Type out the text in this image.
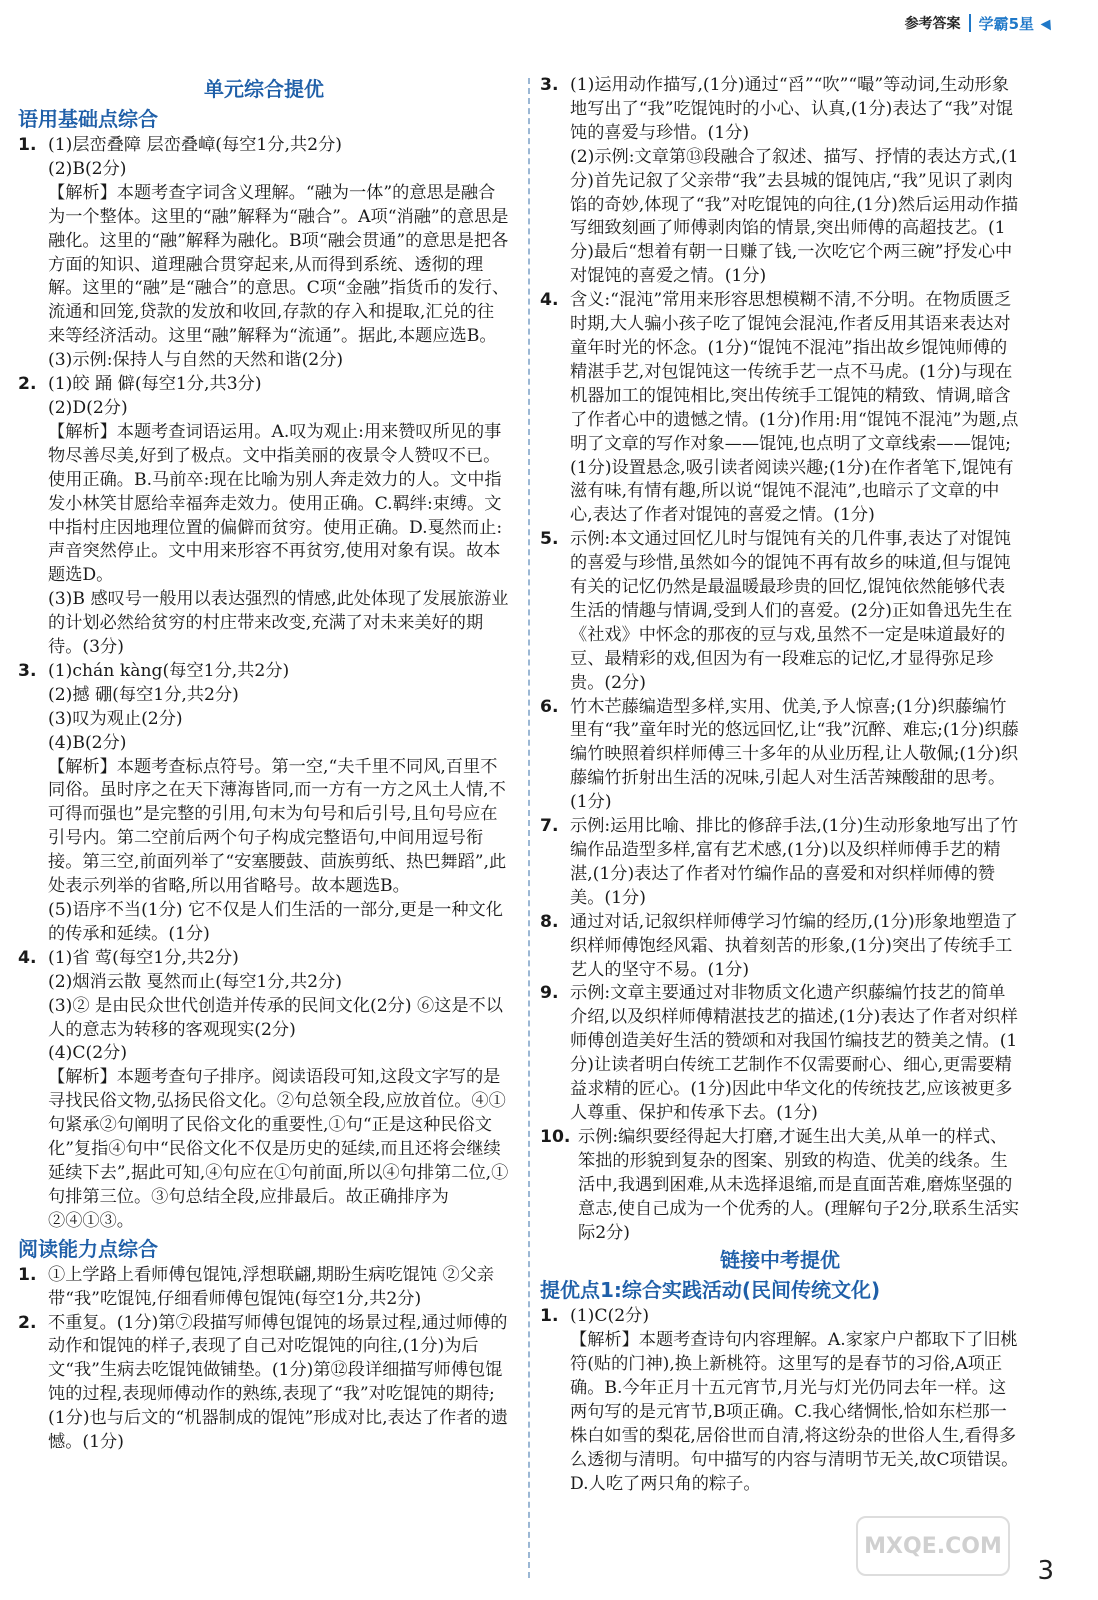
参考答案 学霸5星
单元综合提优
语用基础点综合
1. (1)层峦叠障 层峦叠嶂(每空1分,共2分)

(2)B(2分)

【解析】本题考查字词含义理解。“融为一体”的意思是融合为一个整体。这里的“融”解释为“融合”。A项“消融”的意思是融化。这里的“融”解释为融化。B项“融会贯通”的意思是把各方面的知识、道理融合贯穿起来,从而得到系统、透彻的理解。这里的“融”是“融合”的意思。C项“金融”指货币的发行、流通和回笼,贷款的发放和收回,存款的存入和提取,汇兑的往来等经济活动。这里“融”解释为“流通”。据此,本题应选B。

(3)示例:保持人与自然的天然和谐(2分)

2. (1)皎 踊 僻(每空1分,共3分)

(2)D(2分)

【解析】本题考查词语运用。A.叹为观止:用来赞叹所见的事物尽善尽美,好到了极点。文中指美丽的夜景令人赞叹不已。使用正确。B.马前卒:现在比喻为别人奔走效力的人。文中指发小林笑甘愿给幸福奔走效力。使用正确。C.羁绊:束缚。文中指村庄因地理位置的偏僻而贫穷。使用正确。D.戛然而止:声音突然停止。文中用来形容不再贫穷,使用对象有误。故本题选D。

(3)B 感叹号一般用以表达强烈的情感,此处体现了发展旅游业的计划必然给贫穷的村庄带来改变,充满了对未来美好的期待。(3分)

3. (1)chán kàng(每空1分,共2分)

(2)撼 硼(每空1分,共2分)

(3)叹为观止(2分)

(4)B(2分)

【解析】本题考查标点符号。第一空,“夫千里不同风,百里不同俗。虽时序之在天下薄海皆同,而一方有一方之风土人情,不可得而强也”是完整的引用,句末为句号和后引号,且句号应在引号内。第二空前后两个句子构成完整语句,中间用逗号衔接。第三空,前面列举了“安塞腰鼓、茴族剪纸、热巴舞蹈”,此处表示列举的省略,所以用省略号。故本题选B。

(5)语序不当(1分) 它不仅是人们生活的一部分,更是一种文化的传承和延续。(1分)

4. (1)省 莺(每空1分,共2分)

(2)烟消云散 戛然而止(每空1分,共2分)

(3)② 是由民众世代创造并传承的民间文化(2分) ⑥这是不以人的意志为转移的客观现实(2分)

(4)C(2分)

【解析】本题考查句子排序。阅读语段可知,这段文字写的是寻找民俗文物,弘扬民俗文化。②句总领全段,应放首位。④①句紧承②句阐明了民俗文化的重要性,①句“正是这种民俗文化”复指④句中“民俗文化不仅是历史的延续,而且还将会继续延续下去”,据此可知,④句应在①句前面,所以④句排第二位,①句排第三位。③句总结全段,应排最后。故正确排序为②④①③。

阅读能力点综合
1. ①上学路上看师傅包馄饨,浮想联翩,期盼生病吃馄饨 ②父亲带“我”吃馄饨,仔细看师傅包馄饨(每空1分,共2分)

2. 不重复。(1分)第⑦段描写师傅包馄饨的场景过程,通过师傅的动作和馄饨的样子,表现了自己对吃馄饨的向往,(1分)为后文“我”生病去吃馄饨做铺垫。(1分)第⑫段详细描写师傅包馄饨的过程,表现师傅动作的熟练,表现了“我”对吃馄饨的期待;(1分)也与后文的“机器制成的馄饨”形成对比,表达了作者的遗憾。(1分)

3. (1)运用动作描写,(1分)通过“舀”“吹”“嘬”等动词,生动形象地写出了“我”吃馄饨时的小心、认真,(1分)表达了“我”对馄饨的喜爱与珍惜。(1分)

(2)示例:文章第⑬段融合了叙述、描写、抒情的表达方式,(1分)首先记叙了父亲带“我”去县城的馄饨店,“我”见识了剥肉馅的奇妙,体现了“我”对吃馄饨的向往,(1分)然后运用动作描写细致刻画了师傅剥肉馅的情景,突出师傅的高超技艺。(1分)最后“想着有朝一日赚了钱,一次吃它个两三碗”抒发心中对馄饨的喜爱之情。(1分)

4. 含义:“混沌”常用来形容思想模糊不清,不分明。在物质匮乏时期,大人骗小孩子吃了馄饨会混沌,作者反用其语来表达对童年时光的怀念。(1分)“馄饨不混沌”指出故乡馄饨师傅的精湛手艺,对包馄饨这一传统手艺一点不马虎。(1分)与现在机器加工的馄饨相比,突出传统手工馄饨的精致、情调,暗含了作者心中的遗憾之情。(1分)作用:用“馄饨不混沌”为题,点明了文章的写作对象——馄饨,也点明了文章线索——馄饨;(1分)设置悬念,吸引读者阅读兴趣;(1分)在作者笔下,馄饨有滋有味,有情有趣,所以说“馄饨不混沌”,也暗示了文章的中心,表达了作者对馄饨的喜爱之情。(1分)

5. 示例:本文通过回忆儿时与馄饨有关的几件事,表达了对馄饨的喜爱与珍惜,虽然如今的馄饨不再有故乡的味道,但与馄饨有关的记忆仍然是最温暖最珍贵的回忆,馄饨依然能够代表生活的情趣与情调,受到人们的喜爱。(2分)正如鲁迅先生在《社戏》中怀念的那夜的豆与戏,虽然不一定是味道最好的豆、最精彩的戏,但因为有一段难忘的记忆,才显得弥足珍贵。(2分)

6. 竹木芒藤编造型多样,实用、优美,予人惊喜;(1分)织藤编竹里有“我”童年时光的悠远回忆,让“我”沉醉、难忘;(1分)织藤编竹映照着织样师傅三十多年的从业历程,让人敬佩;(1分)织藤编竹折射出生活的况味,引起人对生活苦辣酸甜的思考。(1分)

7. 示例:运用比喻、排比的修辞手法,(1分)生动形象地写出了竹编作品造型多样,富有艺术感,(1分)以及织样师傅手艺的精湛,(1分)表达了作者对竹编作品的喜爱和对织样师傅的赞美。(1分)

8. 通过对话,记叙织样师傅学习竹编的经历,(1分)形象地塑造了织样师傅饱经风霜、执着刻苦的形象,(1分)突出了传统手工艺人的坚守不易。(1分)

9. 示例:文章主要通过对非物质文化遗产织藤编竹技艺的简单介绍,以及织样师傅精湛技艺的描述,(1分)表达了作者对织样师傅创造美好生活的赞颂和对我国竹编技艺的赞美之情。(1分)让读者明白传统工艺制作不仅需要耐心、细心,更需要精益求精的匠心。(1分)因此中华文化的传统技艺,应该被更多人尊重、保护和传承下去。(1分)

10. 示例:编织要经得起大打磨,才诞生出大美,从单一的样式、笨拙的形貌到复杂的图案、别致的构造、优美的线条。生活中,我遇到困难,从未选择退缩,而是直面苦难,磨炼坚强的意志,使自己成为一个优秀的人。(理解句子2分,联系生活实际2分)

链接中考提优
提优点1:综合实践活动(民间传统文化)
1. (1)C(2分)

【解析】本题考查诗句内容理解。A.家家户户都取下了旧桃符(贴的门神),换上新桃符。这里写的是春节的习俗,A项正确。B.今年正月十五元宵节,月光与灯光仍同去年一样。这两句写的是元宵节,B项正确。C.我心绪惆怅,恰如东栏那一株白如雪的梨花,居俗世而自清,将这纷杂的世俗人生,看得多么透彻与清明。句中描写的内容与清明节无关,故C项错误。D.人吃了两只角的粽子。

MXQE.COM
3
